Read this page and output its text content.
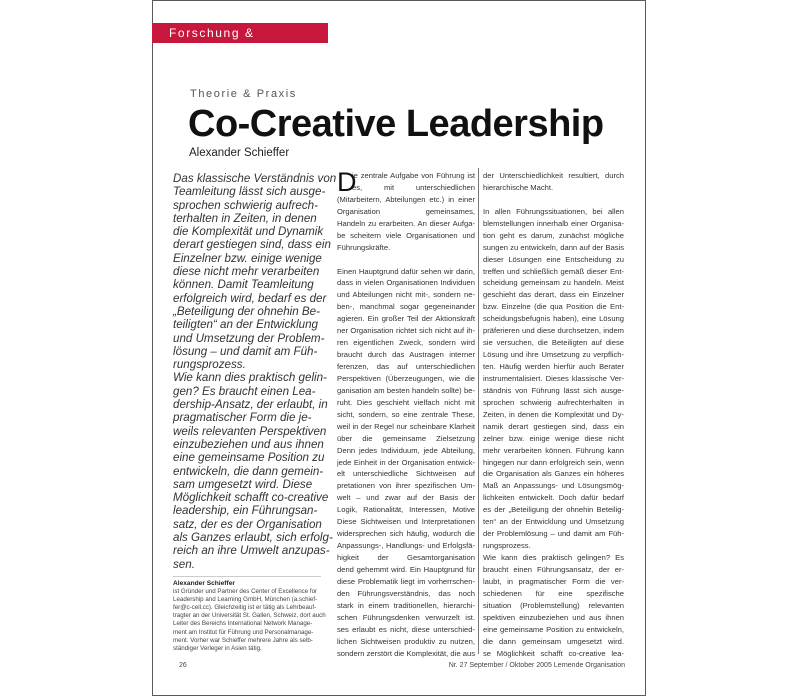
Forschung & Ergebnisse
Theorie & Praxis
Co-Creative Leadership
Alexander Schieffer
Das klassische Verständnis von
Teamleitung lässt sich ausge-
sprochen schwierig aufrech-
terhalten in Zeiten, in denen
die Komplexität und Dynamik
derart gestiegen sind, dass ein
Einzelner bzw. einige wenige
diese nicht mehr verarbeiten
können. Damit Teamleitung
erfolgreich wird, bedarf es der
„Beteiligung der ohnehin Be-
teiligten“ an der Entwicklung
und Umsetzung der Problem-
lösung – und damit am Füh-
rungsprozess.
Wie kann dies praktisch gelin-
gen? Es braucht einen Lea-
dership-Ansatz, der erlaubt, in
pragmatischer Form die je-
weils relevanten Perspektiven
einzubeziehen und aus ihnen
eine gemeinsame Position zu
entwickeln, die dann gemein-
sam umgesetzt wird. Diese
Möglichkeit schafft co-creative
leadership, ein Führungsan-
satz, der es der Organisation
als Ganzes erlaubt, sich erfolg-
reich an ihre Umwelt anzupas-
sen.
D
ie zentrale Aufgabe von Führung ist
es, mit unterschiedlichen
(Mitarbeitern, Abteilungen etc.) in einer
Organisation gemeinsames,
Handeln zu erarbeiten. An dieser Aufga-
be scheitern viele Organisationen und
Führungskräfte.
Einen Hauptgrund dafür sehen wir darin,
dass in vielen Organisationen Individuen
und Abteilungen nicht mit-, sondern ne-
ben-, manchmal sogar gegeneinander
agieren. Ein großer Teil der Aktionskraft
ner Organisation richtet sich nicht auf ih-
ren eigentlichen Zweck, sondern wird
braucht durch das Austragen interner
ferenzen, das auf unterschiedlichen
Perspektiven (Überzeugungen, wie die
ganisation am besten handeln sollte) be-
ruht. Dies geschieht vielfach nicht mit
sicht, sondern, so eine zentrale These,
weil in der Regel nur scheinbare Klarheit
über die gemeinsame Zielsetzung
Denn jedes Individuum, jede Abteilung,
jede Einheit in der Organisation entwick-
elt unterschiedliche Sichtweisen auf
pretationen von ihrer spezifischen Um-
welt – und zwar auf der Basis der
Logik, Rationalität, Interessen, Motive
Diese Sichtweisen und Interpretationen
widersprechen sich häufig, wodurch die
Anpassungs-, Handlungs- und Erfolgsfä-
higkeit der Gesamtorganisation
dend gehemmt wird. Ein Hauptgrund für
diese Problematik liegt im vorherrschen-
den Führungsverständnis, das noch
stark in einem traditionellen, hierarchi-
schen Führungsdenken verwurzelt ist.
ses erlaubt es nicht, diese unterschied-
lichen Sichtweisen produktiv zu nutzen,
sondern zerstört die Komplexität, die aus
der Unterschiedlichkeit resultiert, durch
hierarchische Macht.
In allen Führungssituationen, bei allen
blemstellungen innerhalb einer Organisa-
tion geht es darum, zunächst mögliche
sungen zu entwickeln, dann auf der Basis
dieser Lösungen eine Entscheidung zu
treffen und schließlich gemäß dieser Ent-
scheidung gemeinsam zu handeln. Meist
geschieht das derart, dass ein Einzelner
bzw. Einzelne (die qua Position die Ent-
scheidungsbefugnis haben), eine Lösung
präferieren und diese durchsetzen, indem
sie versuchen, die Beteiligten auf diese
Lösung und ihre Umsetzung zu verpflich-
ten. Häufig werden hierfür auch Berater
instrumentalisiert. Dieses klassische Ver-
ständnis von Führung lässt sich ausge-
sprochen schwierig aufrechterhalten in
Zeiten, in denen die Komplexität und Dy-
namik derart gestiegen sind, dass ein
zelner bzw. einige wenige diese nicht
mehr verarbeiten können. Führung kann
hingegen nur dann erfolgreich sein, wenn
die Organisation als Ganzes ein höheres
Maß an Anpassungs- und Lösungsmög-
lichkeiten entwickelt. Doch dafür bedarf
es der „Beteiligung der ohnehin Beteilig-
ten“ an der Entwicklung und Umsetzung
der Problemlösung – und damit am Füh-
rungsprozess.
Wie kann dies praktisch gelingen? Es
braucht einen Führungsansatz, der er-
laubt, in pragmatischer Form die ver-
schiedenen für eine spezifische
situation (Problemstellung) relevanten
spektiven einzubeziehen und aus ihnen
eine gemeinsame Position zu entwickeln,
die dann gemeinsam umgesetzt wird.
se Möglichkeit schafft co-creative lea-
Alexander Schieffer
ist Gründer und Partner des Center of Excellence for
Leadership and Learning GmbH, München (a.schief-
fer@c-cell.cc). Gleichzeitig ist er tätig als Lehrbeauf-
tragter an der Universität St. Gallen, Schweiz, dort auch
Leiter des Bereichs International Network Manage-
ment am Institut für Führung und Personalmanage-
ment. Vorher war Schieffer mehrere Jahre als selb-
ständiger Verleger in Asien tätig.
26	Nr. 27 September / Oktober 2005 Lernende Organisation
